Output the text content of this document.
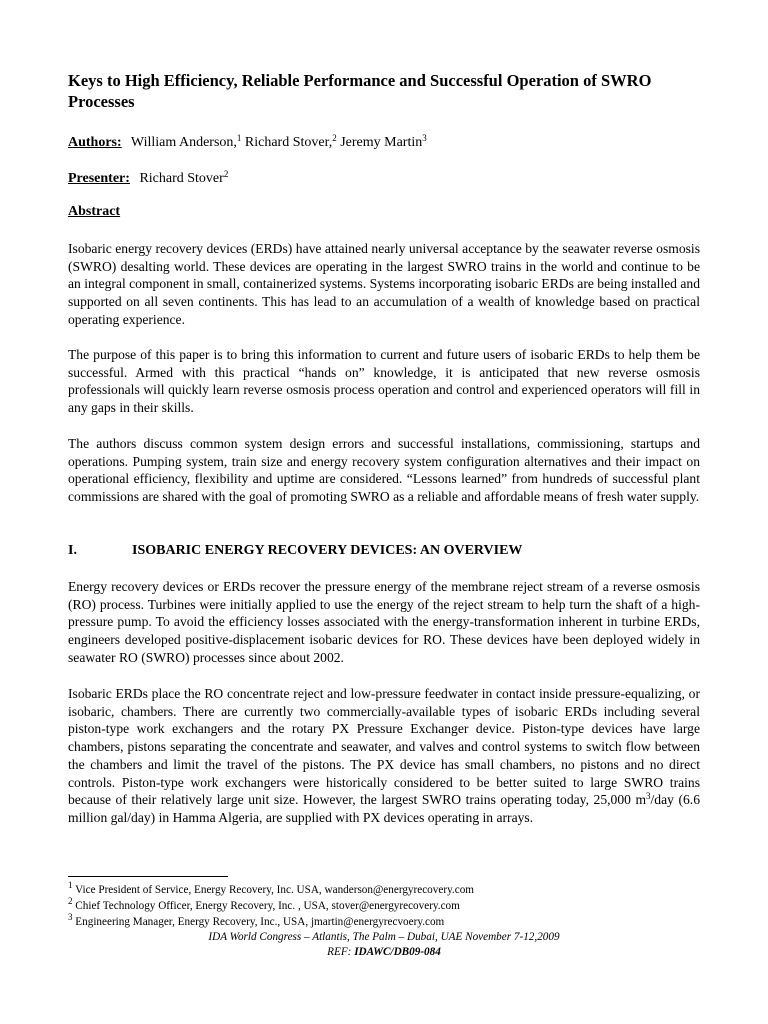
Keys to High Efficiency, Reliable Performance and Successful Operation of SWRO Processes
Authors: William Anderson,$^1$ Richard Stover,$^2$ Jeremy Martin$^3$
Presenter: Richard Stover$^2$
Abstract

Isobaric energy recovery devices (ERDs) have attained nearly universal acceptance by the seawater reverse osmosis (SWRO) desalting world. These devices are operating in the largest SWRO trains in the world and continue to be an integral component in small, containerized systems. Systems incorporating isobaric ERDs are being installed and supported on all seven continents. This has lead to an accumulation of a wealth of knowledge based on practical operating experience.

The purpose of this paper is to bring this information to current and future users of isobaric ERDs to help them be successful. Armed with this practical “hands on” knowledge, it is anticipated that new reverse osmosis professionals will quickly learn reverse osmosis process operation and control and experienced operators will fill in any gaps in their skills.

The authors discuss common system design errors and successful installations, commissioning, startups and operations. Pumping system, train size and energy recovery system configuration alternatives and their impact on operational efficiency, flexibility and uptime are considered. “Lessons learned” from hundreds of successful plant commissions are shared with the goal of promoting SWRO as a reliable and affordable means of fresh water supply.

I.	ISOBARIC ENERGY RECOVERY DEVICES: AN OVERVIEW

Energy recovery devices or ERDs recover the pressure energy of the membrane reject stream of a reverse osmosis (RO) process. Turbines were initially applied to use the energy of the reject stream to help turn the shaft of a high-pressure pump. To avoid the efficiency losses associated with the energy-transformation inherent in turbine ERDs, engineers developed positive-displacement isobaric devices for RO. These devices have been deployed widely in seawater RO (SWRO) processes since about 2002.

Isobaric ERDs place the RO concentrate reject and low-pressure feedwater in contact inside pressure-equalizing, or isobaric, chambers. There are currently two commercially-available types of isobaric ERDs including several piston-type work exchangers and the rotary PX Pressure Exchanger device. Piston-type devices have large chambers, pistons separating the concentrate and seawater, and valves and control systems to switch flow between the chambers and limit the travel of the pistons. The PX device has small chambers, no pistons and no direct controls. Piston-type work exchangers were historically considered to be better suited to large SWRO trains because of their relatively large unit size. However, the largest SWRO trains operating today, 25,000 $m^3$/day (6.6 million gal/day) in Hamma Algeria, are supplied with PX devices operating in arrays.

$^1$ Vice President of Service, Energy Recovery, Inc. USA, wanderson@energyrecovery.com
$^2$ Chief Technology Officer, Energy Recovery, Inc. , USA, stover@energyrecovery.com
$^3$ Engineering Manager, Energy Recovery, Inc., USA, jmartin@energyrecvoery.com
IDA World Congress – Atlantis, The Palm – Dubai, UAE November 7-12,2009
REF: IDAWC/DB09-084
